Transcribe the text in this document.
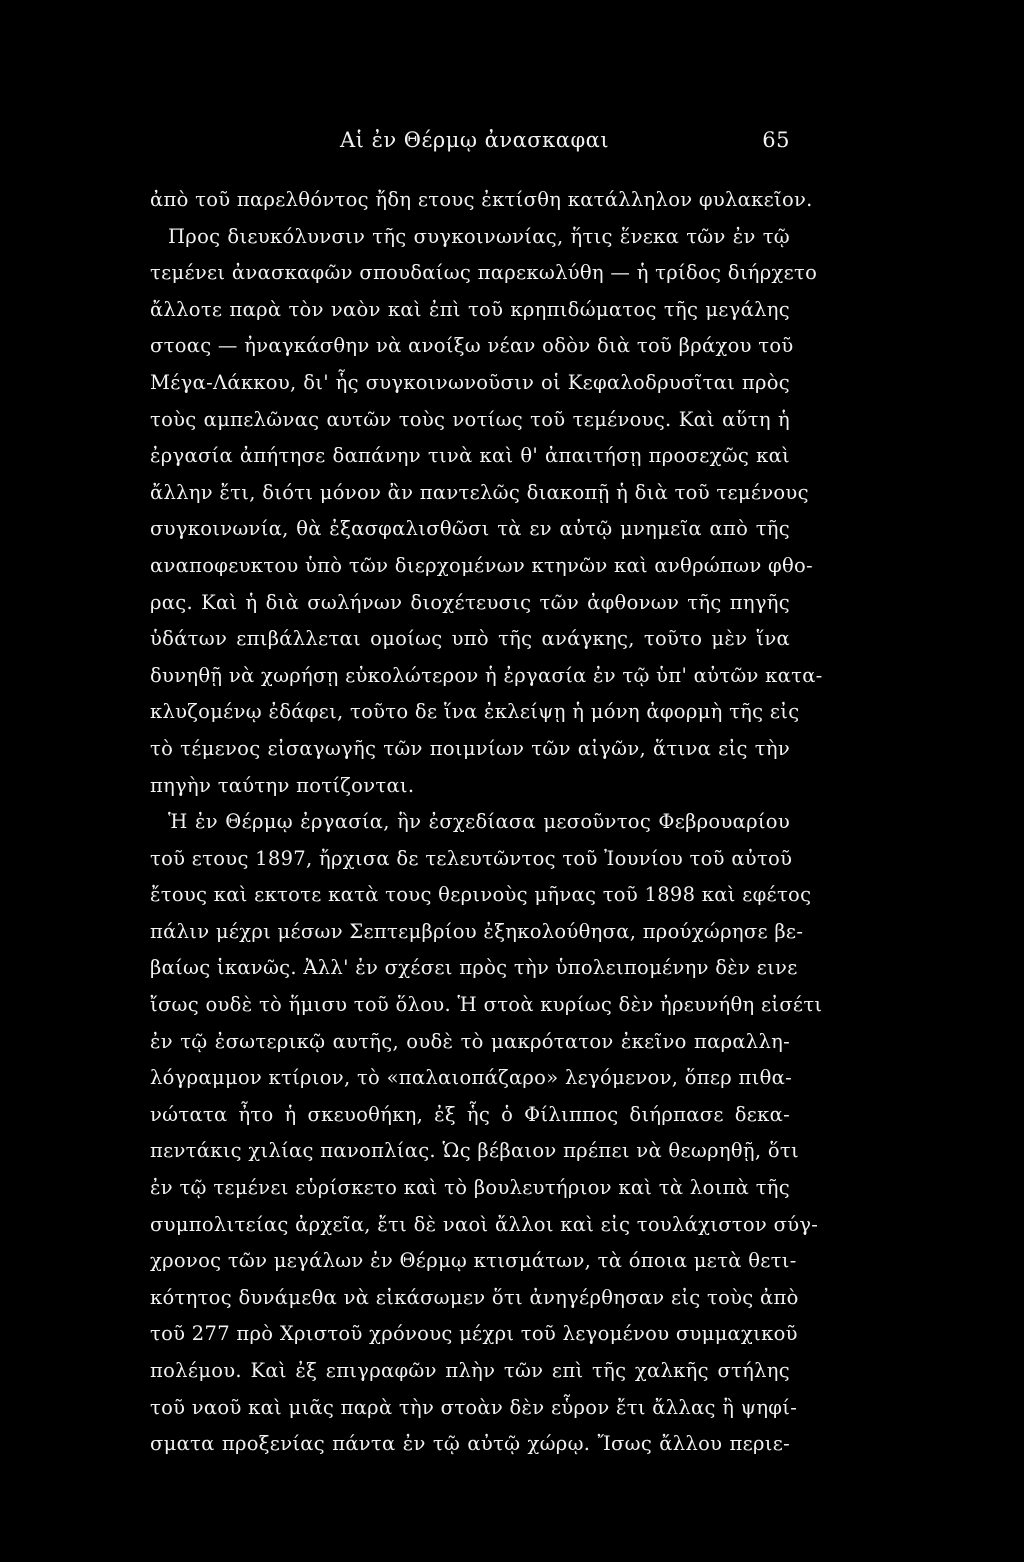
Αἱ ἐν Θέρμῳ ἀνασκαφαι	65
ἀπὸ τοῦ παρελθόντος ἤδη ετους ἐκτίσθη κατάλληλον φυλακεῖον.
Προς διευκόλυνσιν τῆς συγκοινωνίας, ἥτις ἕνεκα τῶν ἐν τῷ
τεμένει ἀνασκαφῶν σπουδαίως παρεκωλύθη — ἡ τρίδος διήρχετο
ἄλλοτε παρὰ τὸν ναὸν καὶ ἐπὶ τοῦ κρηπιδώματος τῆς μεγάλης
στοας — ἠναγκάσθην νὰ ανοίξω νέαν οδὸν διὰ τοῦ βράχου τοῦ
Μέγα-Λάκκου, δι' ἧς συγκοινωνοῦσιν οἱ Κεφαλοδρυσῖται πρὸς
τοὺς αμπελῶνας αυτῶν τοὺς νοτίως τοῦ τεμένους. Καὶ αὕτη ἡ
ἐργασία ἀπήτησε δαπάνην τινὰ καὶ θ' ἀπαιτήσῃ προσεχῶς καὶ
ἄλλην ἔτι, διότι μόνον ἂν παντελῶς διακοπῇ ἡ διὰ τοῦ τεμένους
συγκοινωνία, θὰ ἐξασφαλισθῶσι τὰ εν αὐτῷ μνημεῖα απὸ τῆς
αναποφευκτου ὑπὸ τῶν διερχομένων κτηνῶν καὶ ανθρώπων φθο-
ρας. Καὶ ἡ διὰ σωλήνων διοχέτευσις τῶν ἀφθονων τῆς πηγῆς
ὑδάτων επιβάλλεται ομοίως υπὸ τῆς ανάγκης, τοῦτο μὲν ἵνα
δυνηθῇ νὰ χωρήσῃ εὐκολώτερον ἡ ἐργασία ἐν τῷ ὑπ' αὐτῶν κατα-
κλυζομένῳ ἐδάφει, τοῦτο δε ἵνα ἐκλείψῃ ἡ μόνη ἀφορμὴ τῆς εἰς
τὸ τέμενος εἰσαγωγῆς τῶν ποιμνίων τῶν αἰγῶν, ἅτινα εἰς τὴν
πηγὴν ταύτην ποτίζονται.
Ἡ ἐν Θέρμῳ ἐργασία, ἣν ἐσχεδίασα μεσοῦντος Φεβρουαρίου
τοῦ ετους 1897, ἤρχισα δε τελευτῶντος τοῦ Ἰουνίου τοῦ αὐτοῦ
ἔτους καὶ εκτοτε κατὰ τους θερινοὺς μῆνας τοῦ 1898 καὶ εφέτος
πάλιν μέχρι μέσων Σεπτεμβρίου ἐξηκολούθησα, προύχώρησε βε-
βαίως ἱκανῶς. Ἀλλ' ἐν σχέσει πρὸς τὴν ὑπολειπομένην δὲν εινε
ἴσως ουδὲ τὸ ἥμισυ τοῦ ὅλου. Ἡ στοὰ κυρίως δὲν ἠρευνήθη εἰσέτι
ἐν τῷ ἐσωτερικῷ αυτῆς, ουδὲ τὸ μακρότατον ἐκεῖνο παραλλη-
λόγραμμον κτίριον, τὸ «παλαιοπάζαρο» λεγόμενον, ὅπερ πιθα-
νώτατα ἦτο ἡ σκευοθήκη, ἐξ ἧς ὁ Φίλιππος διήρπασε δεκα-
πεντάκις χιλίας πανοπλίας. Ὡς βέβαιον πρέπει νὰ θεωρηθῇ, ὅτι
ἐν τῷ τεμένει εὑρίσκετο καὶ τὸ βουλευτήριον καὶ τὰ λοιπὰ τῆς
συμπολιτείας ἀρχεῖα, ἔτι δὲ ναοὶ ἄλλοι καὶ εἰς τουλάχιστον σύγ-
χρονος τῶν μεγάλων ἐν Θέρμῳ κτισμάτων, τὰ όποια μετὰ θετι-
κότητος δυνάμεθα νὰ εἰκάσωμεν ὅτι ἀνηγέρθησαν εἰς τοὺς ἀπὸ
τοῦ 277 πρὸ Χριστοῦ χρόνους μέχρι τοῦ λεγομένου συμμαχικοῦ
πολέμου. Καὶ ἐξ επιγραφῶν πλὴν τῶν επὶ τῆς χαλκῆς στήλης
τοῦ ναοῦ καὶ μιᾶς παρὰ τὴν στοὰν δὲν εὗρον ἔτι ἄλλας ἢ ψηφί-
σματα προξενίας πάντα ἐν τῷ αὐτῷ χώρῳ. Ἴσως ἄλλου περιε-
